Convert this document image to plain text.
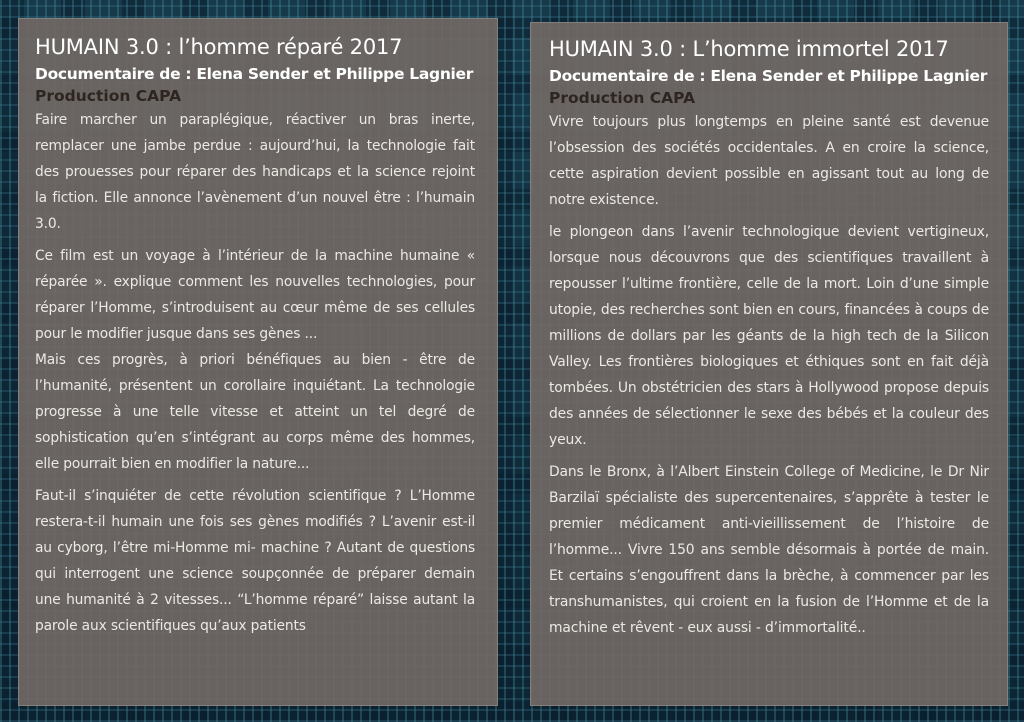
HUMAIN 3.0 : l’homme réparé 2017
Documentaire de : Elena Sender et Philippe Lagnier
Production CAPA

Faire marcher un paraplégique, réactiver un bras inerte, remplacer une jambe perdue : aujourd’hui, la technologie fait des prouesses pour réparer des handicaps et la science rejoint la fiction. Elle annonce l’avènement d’un nouvel être : l’humain 3.0.

Ce film est un voyage à l’intérieur de la machine humaine « réparée ». explique comment les nouvelles technologies, pour réparer l’Homme, s’introduisent au cœur même de ses cellules pour le modifier jusque dans ses gènes ...

Mais ces progrès, à priori bénéfiques au bien - être de l’humanité, présentent un corollaire inquiétant. La technologie progresse à une telle vitesse et atteint un tel degré de sophistication qu’en s’intégrant au corps même des hommes, elle pourrait bien en modifier la nature...

Faut-il s’inquiéter de cette révolution scientifique ? L’Homme restera-t-il humain une fois ses gènes modifiés ? L’avenir est-il au cyborg, l’être mi-Homme mi- machine ? Autant de questions qui interrogent une science soupçonnée de préparer demain une humanité à 2 vitesses... “L’homme réparé” laisse autant la parole aux scientifiques qu’aux patients

HUMAIN 3.0 : L’homme immortel 2017
Documentaire de : Elena Sender et Philippe Lagnier
Production CAPA

Vivre toujours plus longtemps en pleine santé est devenue l’obsession des sociétés occidentales. A en croire la science, cette aspiration devient possible en agissant tout au long de notre existence.

le plongeon dans l’avenir technologique devient vertigineux, lorsque nous découvrons que des scientifiques travaillent à repousser l’ultime frontière, celle de la mort. Loin d’une simple utopie, des recherches sont bien en cours, financées à coups de millions de dollars par les géants de la high tech de la Silicon Valley. Les frontières biologiques et éthiques sont en fait déjà tombées. Un obstétricien des stars à Hollywood propose depuis des années de sélectionner le sexe des bébés et la couleur des yeux.

Dans le Bronx, à l’Albert Einstein College of Medicine, le Dr Nir Barzilaï spécialiste des supercentenaires, s’apprête à tester le premier médicament anti-vieillissement de l’histoire de l’homme... Vivre 150 ans semble désormais à portée de main. Et certains s’engouffrent dans la brèche, à commencer par les transhumanistes, qui croient en la fusion de l’Homme et de la machine et rêvent - eux aussi - d’immortalité..
